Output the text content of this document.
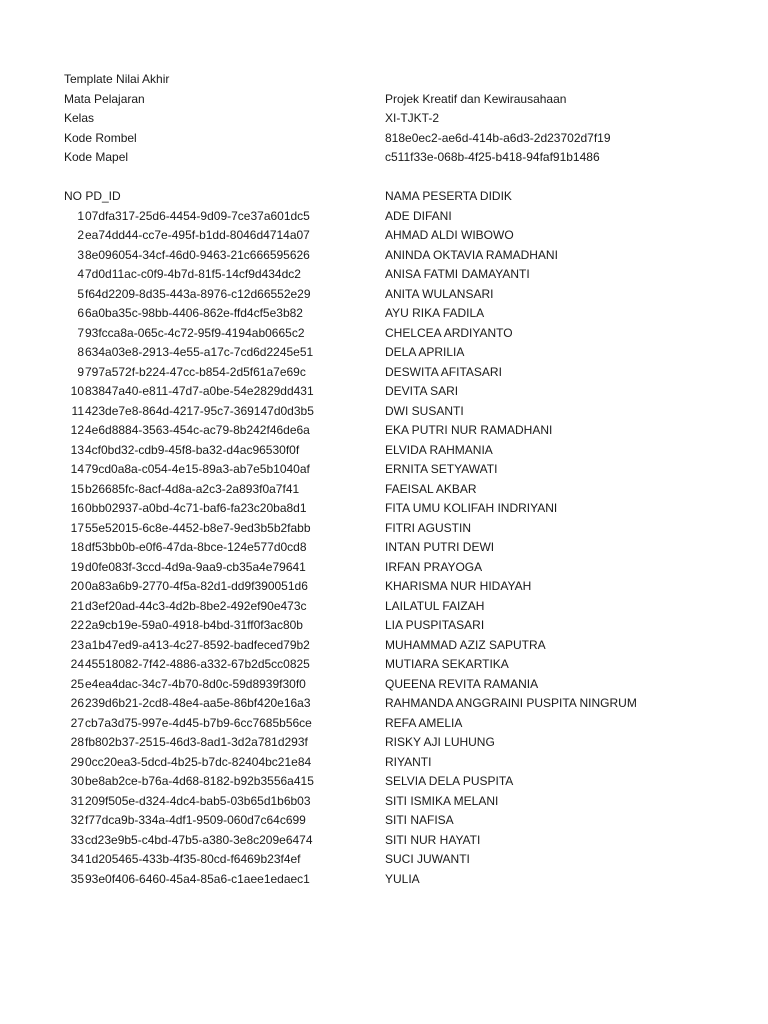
Template Nilai Akhir
Mata Pelajaran	Projek Kreatif dan Kewirausahaan
Kelas	XI-TJKT-2
Kode Rombel	818e0ec2-ae6d-414b-a6d3-2d23702d7f19
Kode Mapel	c511f33e-068b-4f25-b418-94faf91b1486
NO PD_ID	NAMA PESERTA DIDIK
107dfa317-25d6-4454-9d09-7ce37a601dc5	ADE DIFANI
2ea74dd44-cc7e-495f-b1dd-8046d4714a07	AHMAD ALDI WIBOWO
38e096054-34cf-46d0-9463-21c666595626	ANINDA OKTAVIA RAMADHANI
47d0d11ac-c0f9-4b7d-81f5-14cf9d434dc2	ANISA FATMI DAMAYANTI
5f64d2209-8d35-443a-8976-c12d66552e29	ANITA WULANSARI
66a0ba35c-98bb-4406-862e-ffd4cf5e3b82	AYU RIKA FADILA
793fcca8a-065c-4c72-95f9-4194ab0665c2	CHELCEA ARDIYANTO
8634a03e8-2913-4e55-a17c-7cd6d2245e51	DELA APRILIA
9797a572f-b224-47cc-b854-2d5f61a7e69c	DESWITA AFITASARI
1083847a40-e811-47d7-a0be-54e2829dd431	DEVITA SARI
11423de7e8-864d-4217-95c7-369147d0d3b5	DWI SUSANTI
124e6d8884-3563-454c-ac79-8b242f46de6a	EKA PUTRI NUR RAMADHANI
134cf0bd32-cdb9-45f8-ba32-d4ac96530f0f	ELVIDA RAHMANIA
1479cd0a8a-c054-4e15-89a3-ab7e5b1040af	ERNITA SETYAWATI
15b26685fc-8acf-4d8a-a2c3-2a893f0a7f41	FAEISAL AKBAR
160bb02937-a0bd-4c71-baf6-fa23c20ba8d1	FITA UMU KOLIFAH INDRIYANI
1755e52015-6c8e-4452-b8e7-9ed3b5b2fabb	FITRI AGUSTIN
18df53bb0b-e0f6-47da-8bce-124e577d0cd8	INTAN PUTRI DEWI
19d0fe083f-3ccd-4d9a-9aa9-cb35a4e79641	IRFAN PRAYOGA
200a83a6b9-2770-4f5a-82d1-dd9f390051d6	KHARISMA NUR HIDAYAH
21d3ef20ad-44c3-4d2b-8be2-492ef90e473c	LAILATUL FAIZAH
222a9cb19e-59a0-4918-b4bd-31ff0f3ac80b	LIA PUSPITASARI
23a1b47ed9-a413-4c27-8592-badfeced79b2	MUHAMMAD AZIZ SAPUTRA
2445518082-7f42-4886-a332-67b2d5cc0825	MUTIARA SEKARTIKA
25e4ea4dac-34c7-4b70-8d0c-59d8939f30f0	QUEENA REVITA RAMANIA
26239d6b21-2cd8-48e4-aa5e-86bf420e16a3	RAHMANDA ANGGRAINI PUSPITA NINGRUM
27cb7a3d75-997e-4d45-b7b9-6cc7685b56ce	REFA AMELIA
28fb802b37-2515-46d3-8ad1-3d2a781d293f	RISKY AJI LUHUNG
290cc20ea3-5dcd-4b25-b7dc-82404bc21e84	RIYANTI
30be8ab2ce-b76a-4d68-8182-b92b3556a415	SELVIA DELA PUSPITA
31209f505e-d324-4dc4-bab5-03b65d1b6b03	SITI ISMIKA MELANI
32f77dca9b-334a-4df1-9509-060d7c64c699	SITI NAFISA
33cd23e9b5-c4bd-47b5-a380-3e8c209e6474	SITI NUR HAYATI
341d205465-433b-4f35-80cd-f6469b23f4ef	SUCI JUWANTI
3593e0f406-6460-45a4-85a6-c1aee1edaec1	YULIA
